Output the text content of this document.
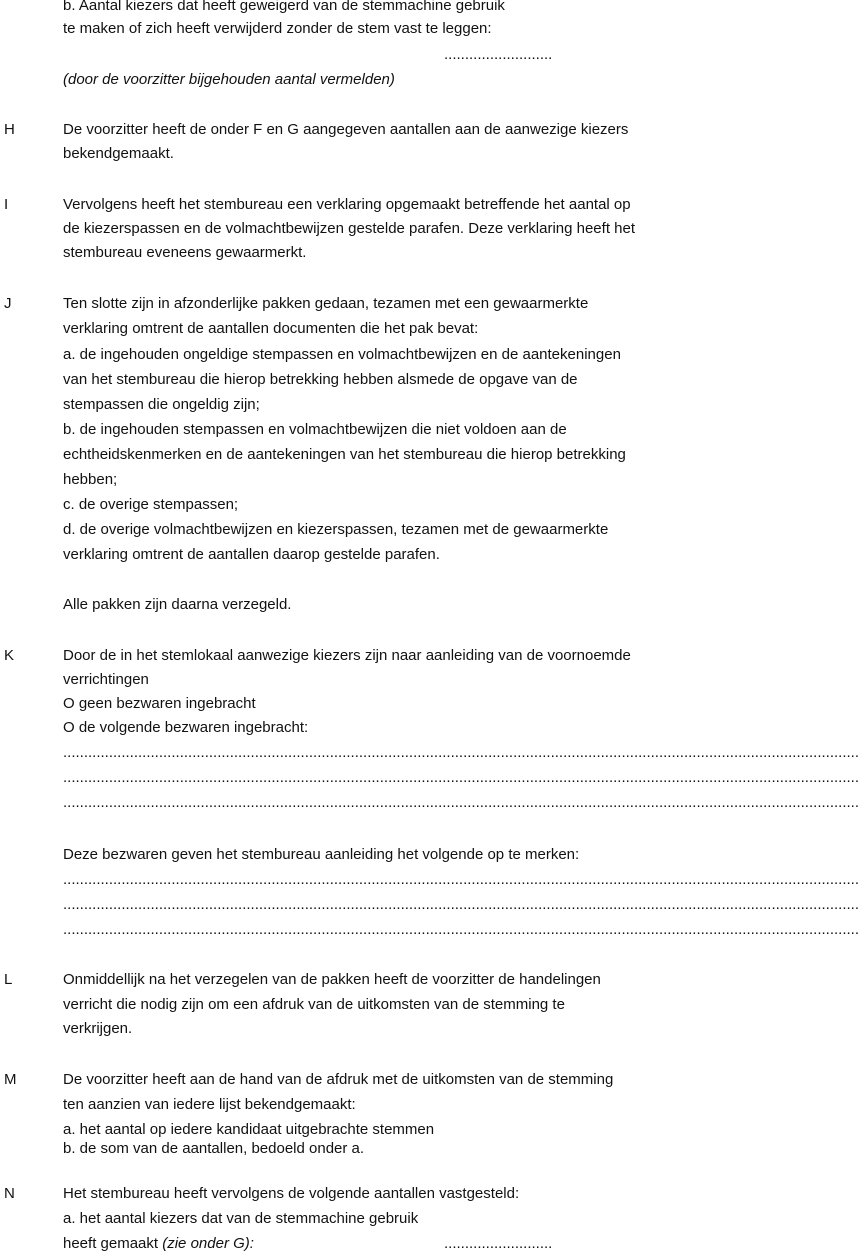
b. Aantal kiezers dat heeft geweigerd van de stemmachine gebruik
te maken of zich heeft verwijderd zonder de stem vast te leggen:
..........................
(door de voorzitter bijgehouden aantal vermelden)
H	De voorzitter heeft de onder F en G aangegeven aantallen aan de aanwezige kiezers
bekendgemaakt.
I	Vervolgens heeft het stembureau een verklaring opgemaakt betreffende het aantal op
de kiezerspassen en de volmachtbewijzen gestelde parafen. Deze verklaring heeft het
stembureau eveneens gewaarmerkt.
J	Ten slotte zijn in afzonderlijke pakken gedaan, tezamen met een gewaarmerkte
verklaring omtrent de aantallen documenten die het pak bevat:
a. de ingehouden ongeldige stempassen en volmachtbewijzen en de aantekeningen
van het stembureau die hierop betrekking hebben alsmede de opgave van de
stempassen die ongeldig zijn;
b. de ingehouden stempassen en volmachtbewijzen die niet voldoen aan de
echtheidskenmerken en de aantekeningen van het stembureau die hierop betrekking
hebben;
c. de overige stempassen;
d. de overige volmachtbewijzen en kiezerspassen, tezamen met de gewaarmerkte
verklaring omtrent de aantallen daarop gestelde parafen.
Alle pakken zijn daarna verzegeld.
K	Door de in het stemlokaal aanwezige kiezers zijn naar aanleiding van de voornoemde
verrichtingen
O geen bezwaren ingebracht
O de volgende bezwaren ingebracht:
...............................................................................................................................................................................................
...............................................................................................................................................................................................
...............................................................................................................................................................................................
Deze bezwaren geven het stembureau aanleiding het volgende op te merken:
...............................................................................................................................................................................................
...............................................................................................................................................................................................
...............................................................................................................................................................................................
L	Onmiddellijk na het verzegelen van de pakken heeft de voorzitter de handelingen
verricht die nodig zijn om een afdruk van de uitkomsten van de stemming te
verkrijgen.
M	De voorzitter heeft aan de hand van de afdruk met de uitkomsten van de stemming
ten aanzien van iedere lijst bekendgemaakt:
a. het aantal op iedere kandidaat uitgebrachte stemmen
b. de som van de aantallen, bedoeld onder a.
N	Het stembureau heeft vervolgens de volgende aantallen vastgesteld:
a. het aantal kiezers dat van de stemmachine gebruik
heeft gemaakt (zie onder G):	..........................
